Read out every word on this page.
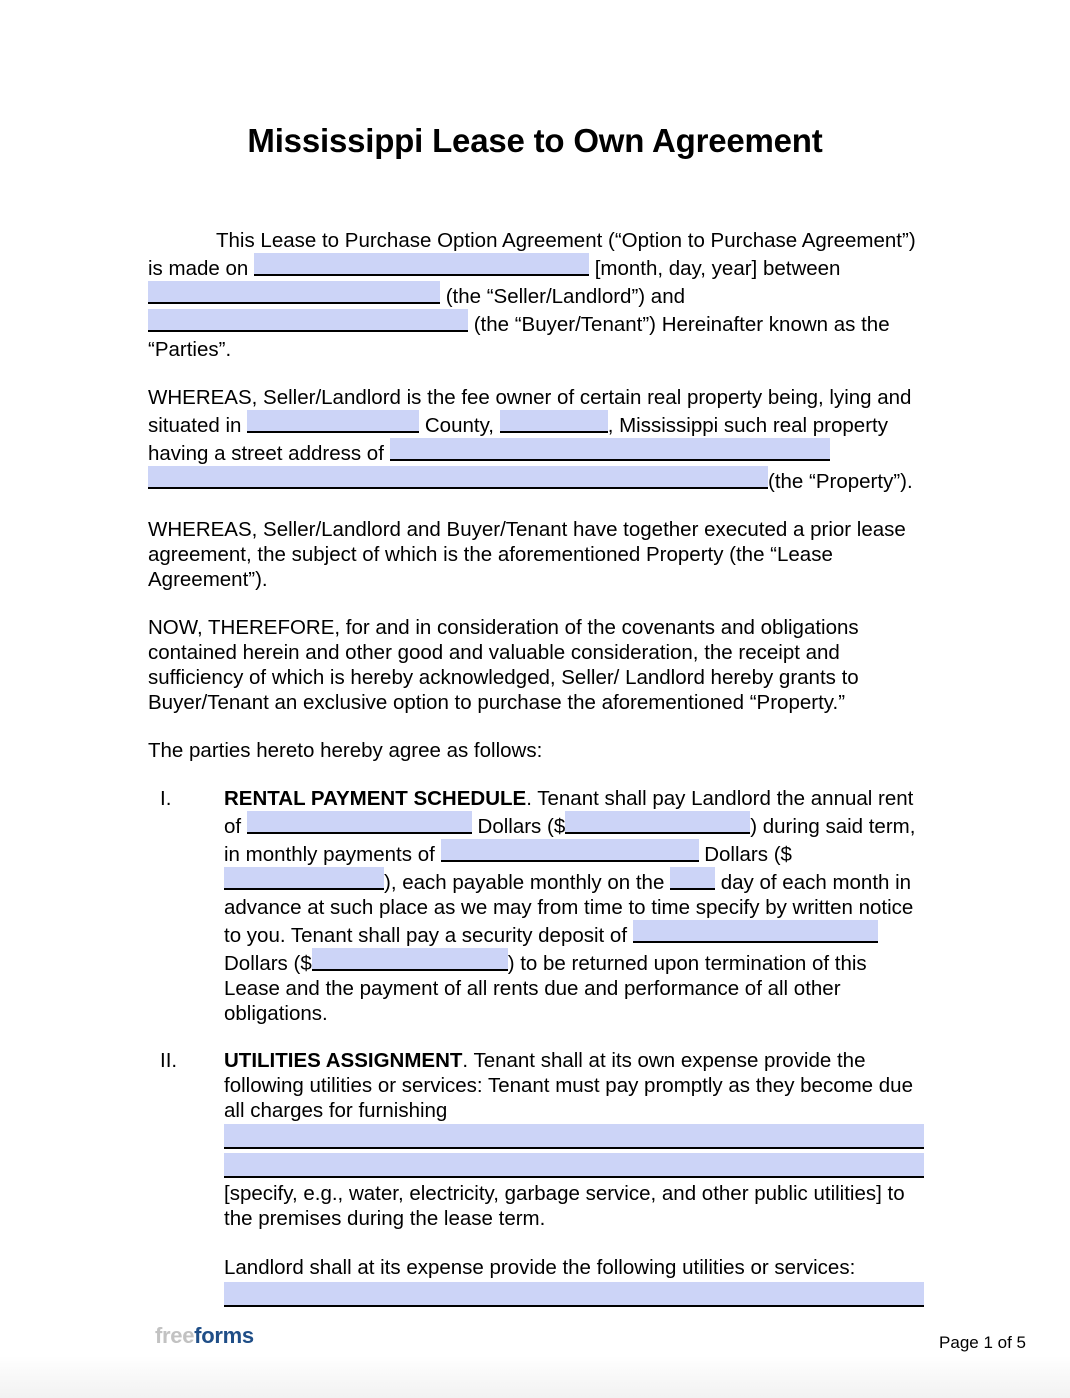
Mississippi Lease to Own Agreement

This Lease to Purchase Option Agreement (“Option to Purchase Agreement”) is made on	[month, day, year] between  (the “Seller/Landlord”) and  (the “Buyer/Tenant”) Hereinafter known as the “Parties”.

WHEREAS, Seller/Landlord is the fee owner of certain real property being, lying and situated in	County,	, Mississippi such real property having a street address of  (the “Property”).

WHEREAS, Seller/Landlord and Buyer/Tenant have together executed a prior lease agreement, the subject of which is the aforementioned Property (the “Lease Agreement”).

NOW, THEREFORE, for and in consideration of the covenants and obligations contained herein and other good and valuable consideration, the receipt and sufficiency of which is hereby acknowledged, Seller/ Landlord hereby grants to Buyer/Tenant an exclusive option to purchase the aforementioned “Property.”

The parties hereto hereby agree as follows:

I.	RENTAL PAYMENT SCHEDULE. Tenant shall pay Landlord the annual rent of	Dollars ($	) during said term, in monthly payments of	Dollars ($), each payable monthly on the	day of each month in advance at such place as we may from time to time specify by written notice to you. Tenant shall pay a security deposit of  Dollars ($	) to be returned upon termination of this Lease and the payment of all rents due and performance of all other obligations.

II.	UTILITIES ASSIGNMENT. Tenant shall at its own expense provide the following utilities or services: Tenant must pay promptly as they become due all charges for furnishing

[specify, e.g., water, electricity, garbage service, and other public utilities] to the premises during the lease term.

Landlord shall at its expense provide the following utilities or services:

freeforms	Page 1 of 5
